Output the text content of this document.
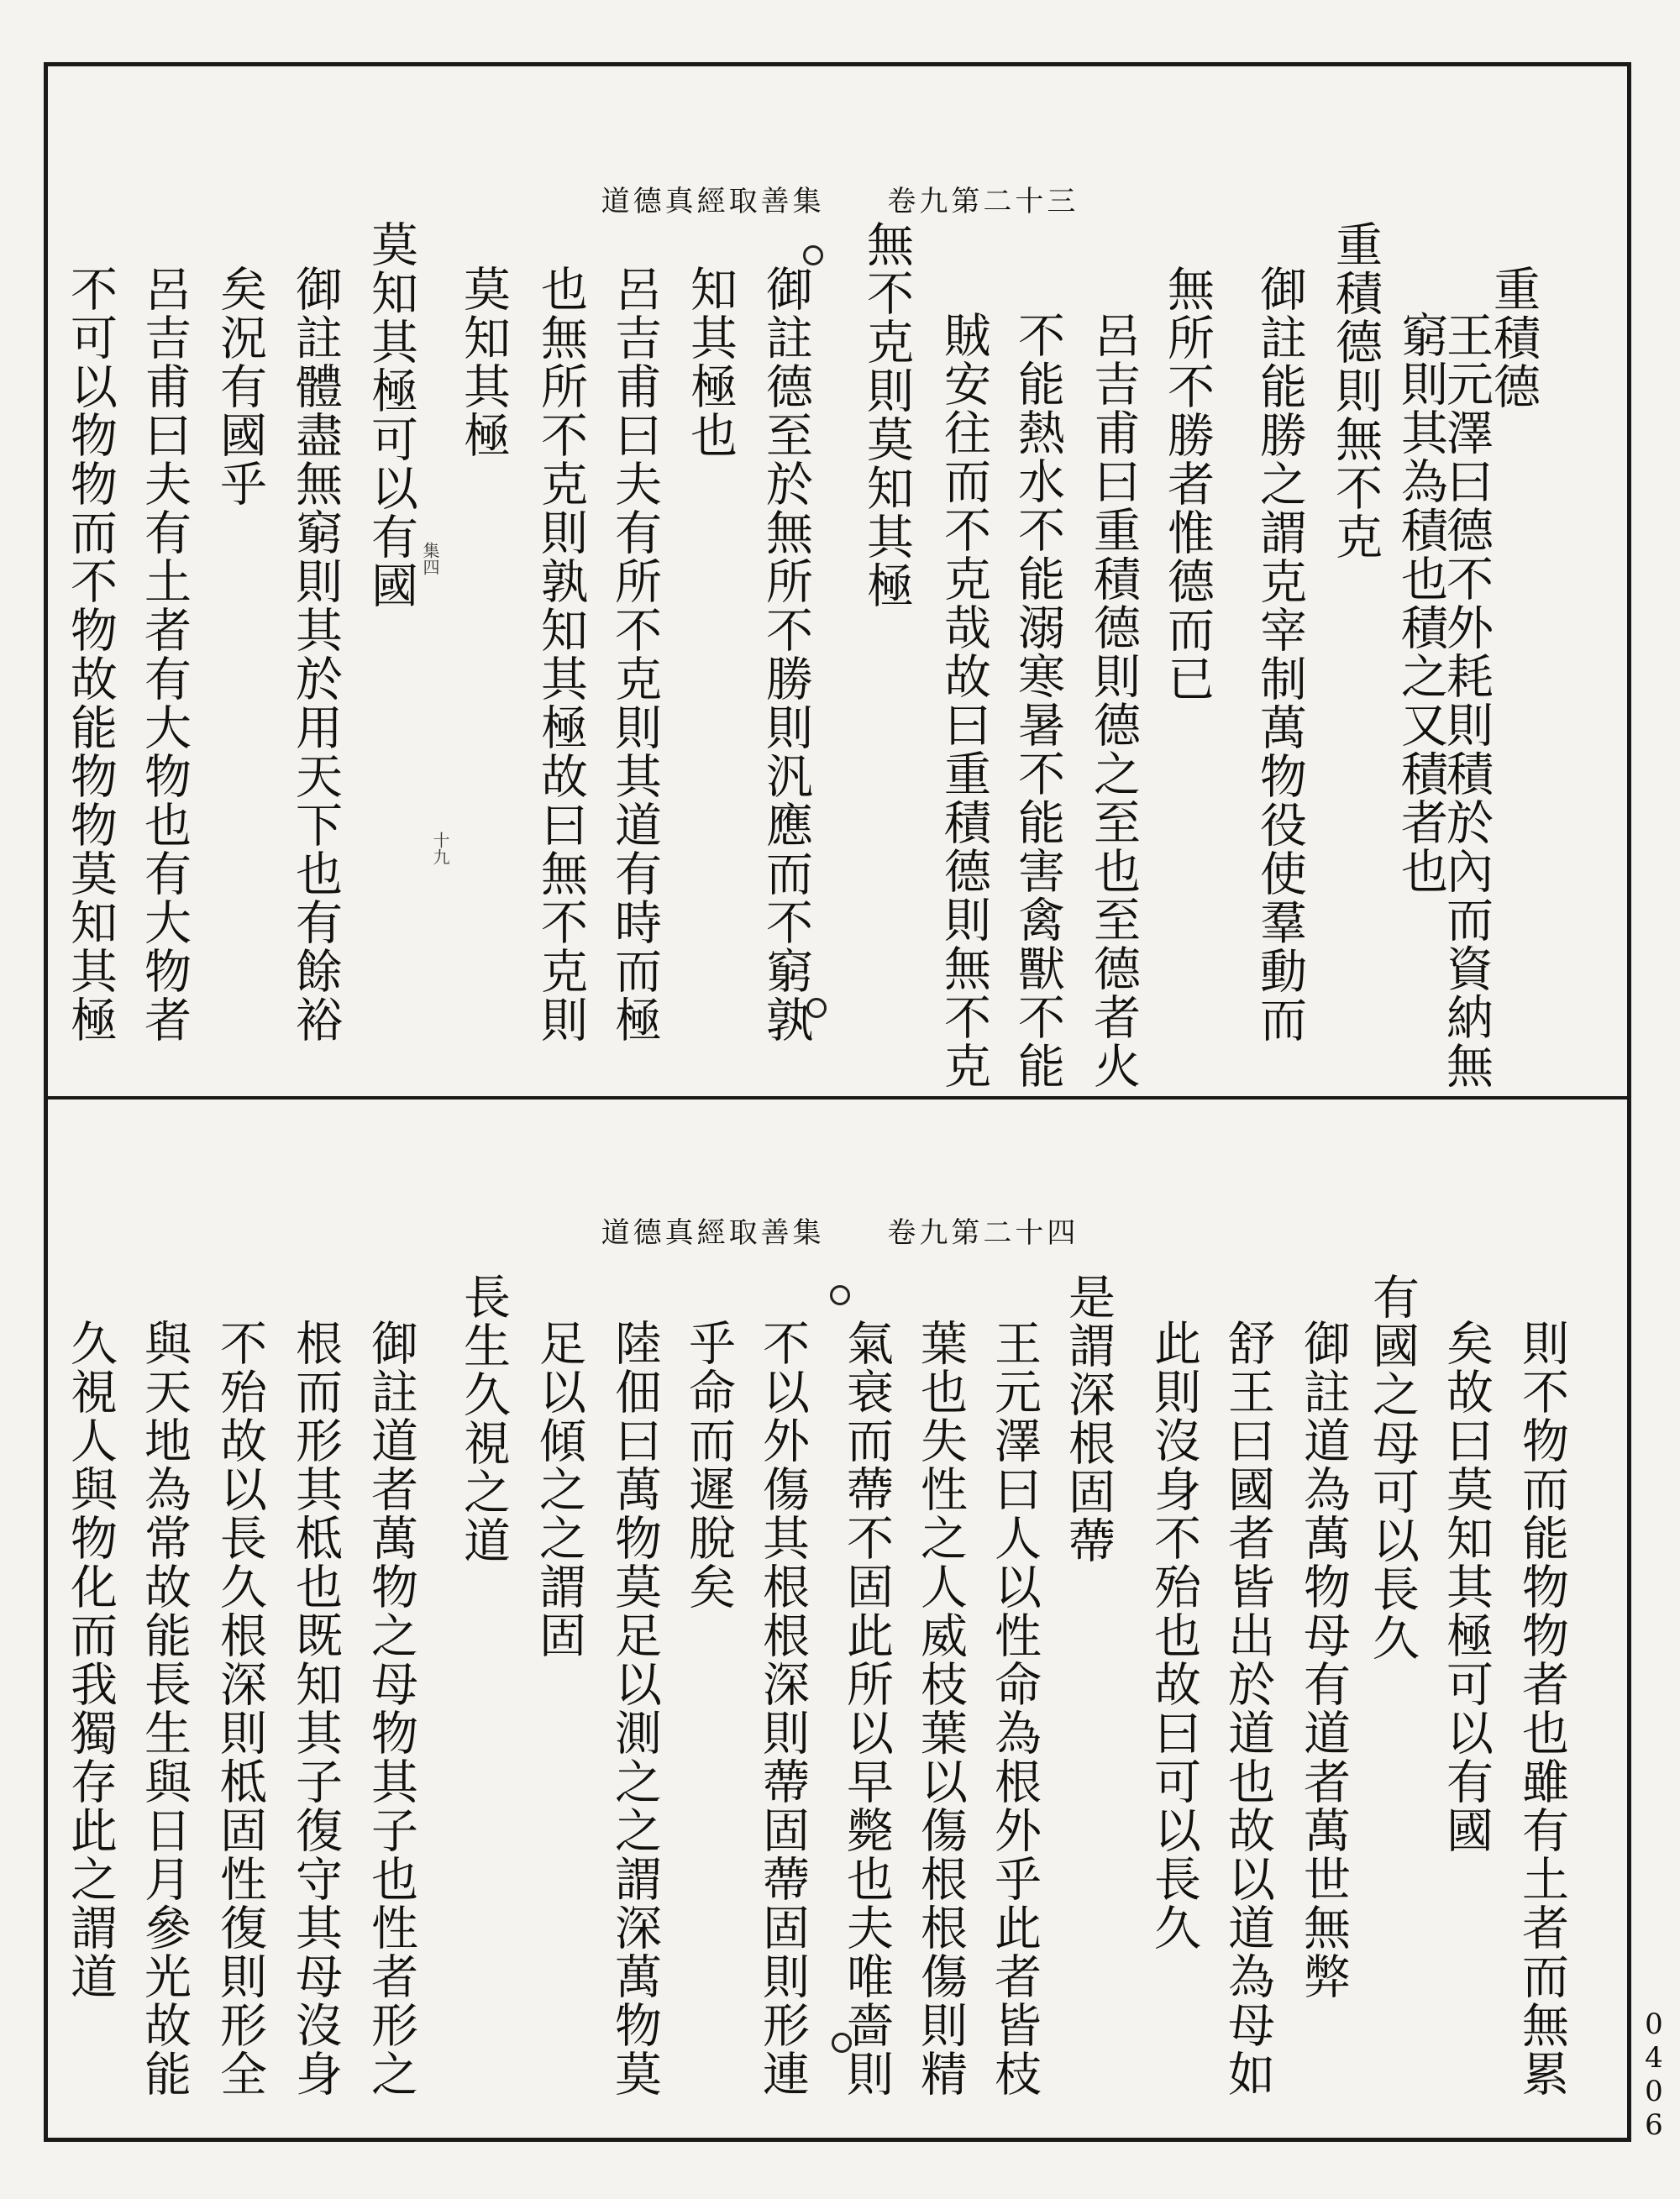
道德真經取善集 卷九第二十三
重積德
王元澤曰德不外耗則積於內而資納無
窮則其為積也積之又積者也
重積德則無不克
御註能勝之謂克宰制萬物役使羣動而
無所不勝者惟德而已
呂吉甫曰重積德則德之至也至德者火
不能熱水不能溺寒暑不能害禽獸不能
賊安往而不克哉故曰重積德則無不克
無不克則莫知其極
御註德至於無所不勝則汎應而不窮孰
知其極也
呂吉甫曰夫有所不克則其道有時而極
也無所不克則孰知其極故曰無不克則
莫知其極
莫知其極可以有國
御註體盡無窮則其於用天下也有餘裕
矣況有國乎
呂吉甫曰夫有土者有大物也有大物者
不可以物物而不物故能物物莫知其極	集四
十九
道德真經取善集 卷九第二十四
則不物而能物物者也雖有土者而無累
矣故曰莫知其極可以有國
有國之母可以長久
御註道為萬物母有道者萬世無弊
舒王曰國者皆出於道也故以道為母如
此則沒身不殆也故曰可以長久
是謂深根固蔕
王元澤曰人以性命為根外乎此者皆枝
葉也失性之人威枝葉以傷根根傷則精
氣衰而蔕不固此所以早斃也夫唯嗇則
不以外傷其根根深則蔕固蔕固則形連
乎命而遲脫矣
陸佃曰萬物莫足以測之之謂深萬物莫
足以傾之之謂固
長生久視之道
御註道者萬物之母物其子也性者形之
根而形其柢也既知其子復守其母沒身
不殆故以長久根深則柢固性復則形全
與天地為常故能長生與日月參光故能
久視人與物化而我獨存此之謂道
0406
